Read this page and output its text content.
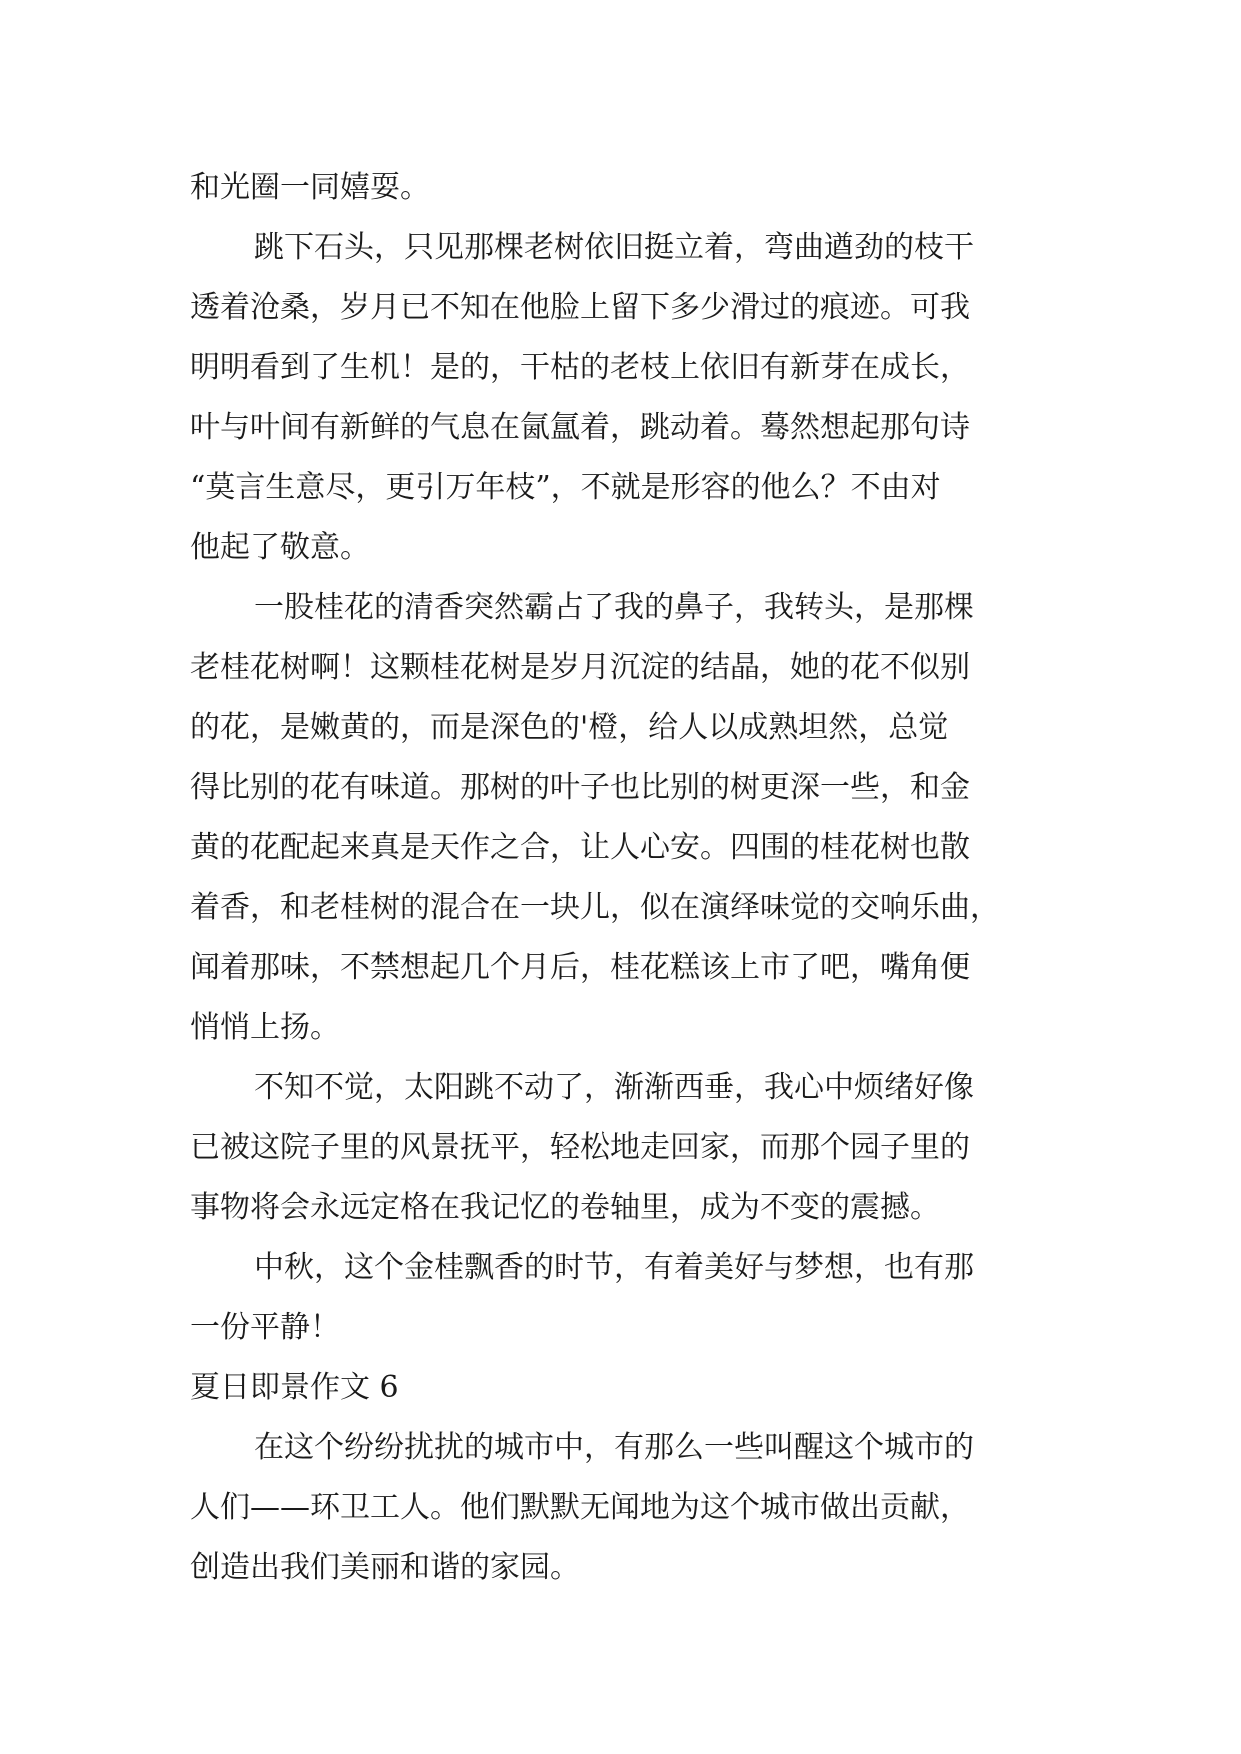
和光圈一同嬉耍。
跳下石头，只见那棵老树依旧挺立着，弯曲遒劲的枝干
透着沧桑，岁月已不知在他脸上留下多少滑过的痕迹。可我
明明看到了生机！是的，干枯的老枝上依旧有新芽在成长，
叶与叶间有新鲜的气息在氤氲着，跳动着。蓦然想起那句诗
“莫言生意尽，更引万年枝”，不就是形容的他么？不由对
他起了敬意。
一股桂花的清香突然霸占了我的鼻子，我转头，是那棵
老桂花树啊！这颗桂花树是岁月沉淀的结晶，她的花不似别
的花，是嫩黄的，而是深色的'橙，给人以成熟坦然，总觉
得比别的花有味道。那树的叶子也比别的树更深一些，和金
黄的花配起来真是天作之合，让人心安。四围的桂花树也散
着香，和老桂树的混合在一块儿，似在演绎味觉的交响乐曲，
闻着那味，不禁想起几个月后，桂花糕该上市了吧，嘴角便
悄悄上扬。
不知不觉，太阳跳不动了，渐渐西垂，我心中烦绪好像
已被这院子里的风景抚平，轻松地走回家，而那个园子里的
事物将会永远定格在我记忆的卷轴里，成为不变的震撼。
中秋，这个金桂飘香的时节，有着美好与梦想，也有那
一份平静！
夏日即景作文 6
在这个纷纷扰扰的城市中，有那么一些叫醒这个城市的
人们——环卫工人。他们默默无闻地为这个城市做出贡献，
创造出我们美丽和谐的家园。
